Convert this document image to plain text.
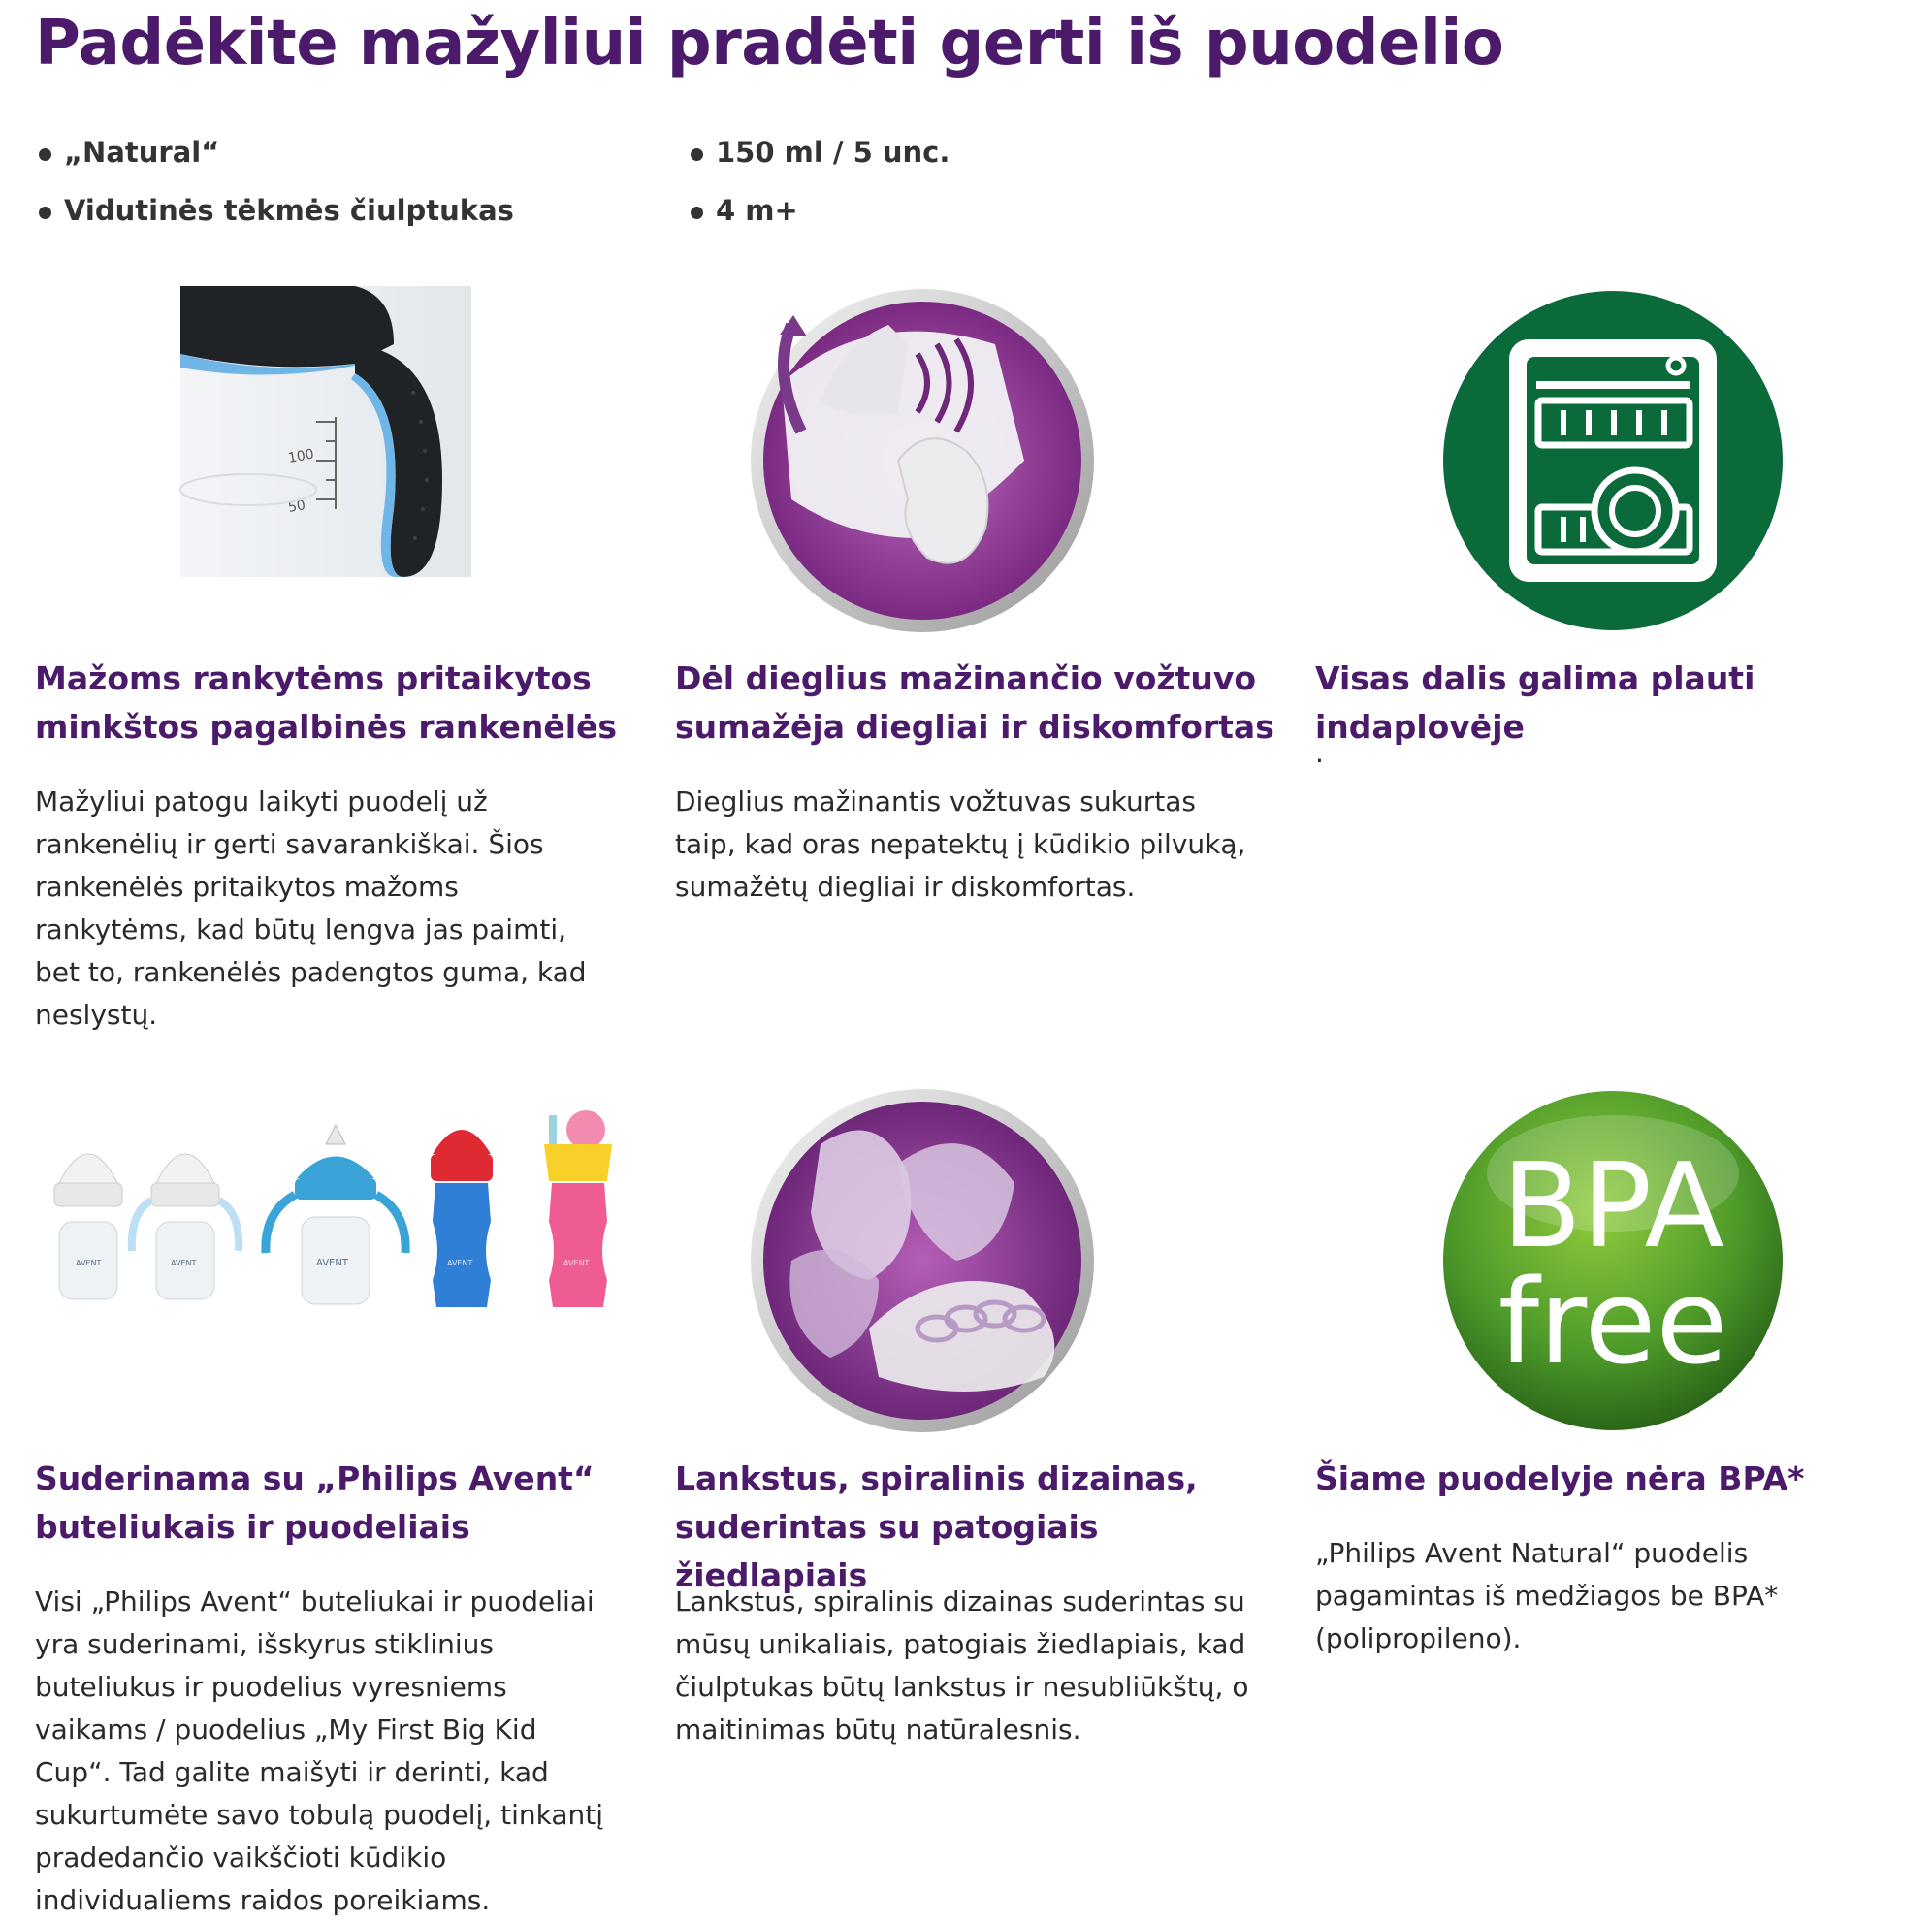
Padėkite mažyliui pradėti gerti iš puodelio
„Natural“
Vidutinės tėkmės čiulptukas
150 ml / 5 unc.
4 m+
100
50
Mažoms rankytėms pritaikytos minkštos pagalbinės rankenėlės

Mažyliui patogu laikyti puodelį už rankenėlių ir gerti savarankiškai. Šios rankenėlės pritaikytos mažoms rankytėms, kad būtų lengva jas paimti, bet to, rankenėlės padengtos guma, kad neslystų.

Dėl dieglius mažinančio vožtuvo sumažėja diegliai ir diskomfortas

Dieglius mažinantis vožtuvas sukurtas taip, kad oras nepatektų į kūdikio pilvuką, sumažėtų diegliai ir diskomfortas.

Visas dalis galima plauti indaplovėje

.

AVENT	AVENT	AVENT	AVENT	AVENT
Suderinama su „Philips Avent“ buteliukais ir puodeliais

Visi „Philips Avent“ buteliukai ir puodeliai yra suderinami, išskyrus stiklinius buteliukus ir puodelius vyresniems vaikams / puodelius „My First Big Kid Cup“. Tad galite maišyti ir derinti, kad sukurtumėte savo tobulą puodelį, tinkantį pradedančio vaikščioti kūdikio individualiems raidos poreikiams.

Lankstus, spiralinis dizainas, suderintas su patogiais žiedlapiais

Lankstus, spiralinis dizainas suderintas su mūsų unikaliais, patogiais žiedlapiais, kad čiulptukas būtų lankstus ir nesubliūkštų, o maitinimas būtų natūralesnis.

BPA
free
Šiame puodelyje nėra BPA*

„Philips Avent Natural“ puodelis pagamintas iš medžiagos be BPA* (polipropileno).
